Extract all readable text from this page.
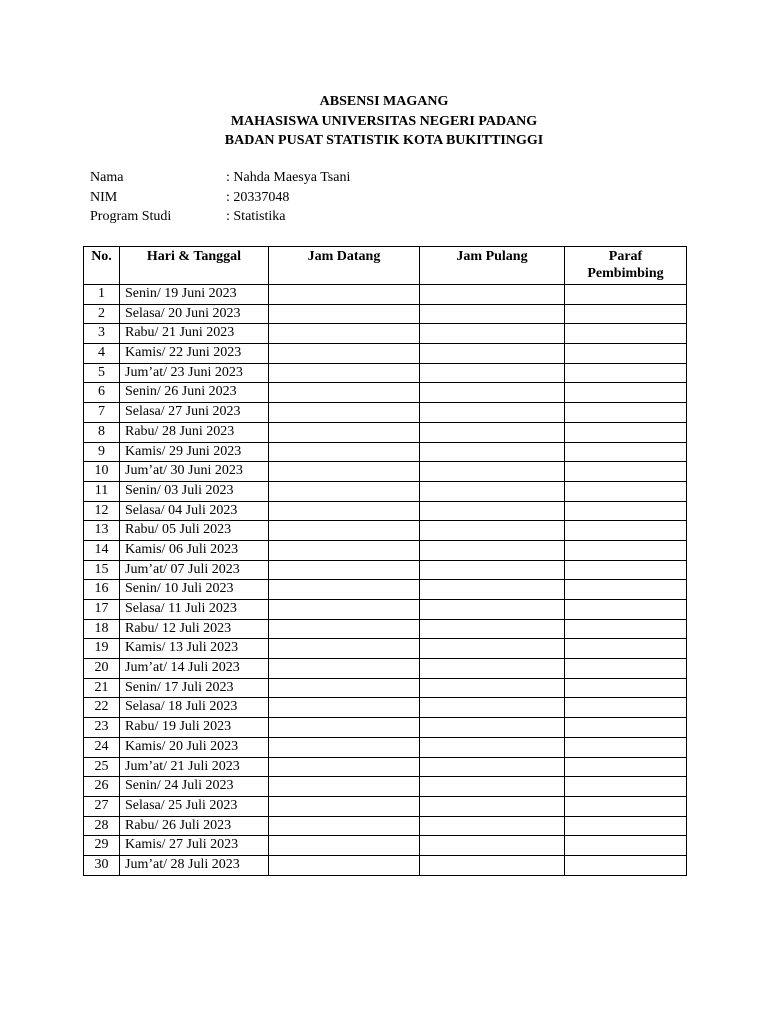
ABSENSI MAGANG
MAHASISWA UNIVERSITAS NEGERI PADANG
BADAN PUSAT STATISTIK KOTA BUKITTINGGI
Nama	: Nahda Maesya Tsani
NIM	: 20337048
Program Studi	: Statistika
No.	Hari & Tanggal	Jam Datang	Jam Pulang	Paraf Pembimbing
1	Senin/ 19 Juni 2023			
2	Selasa/ 20 Juni 2023			
3	Rabu/ 21 Juni 2023			
4	Kamis/ 22 Juni 2023			
5	Jum’at/ 23 Juni 2023			
6	Senin/ 26 Juni 2023			
7	Selasa/ 27 Juni 2023			
8	Rabu/ 28 Juni 2023			
9	Kamis/ 29 Juni 2023			
10	Jum’at/ 30 Juni 2023			
11	Senin/ 03 Juli 2023			
12	Selasa/ 04 Juli 2023			
13	Rabu/ 05 Juli 2023			
14	Kamis/ 06 Juli 2023			
15	Jum’at/ 07 Juli 2023			
16	Senin/ 10 Juli 2023			
17	Selasa/ 11 Juli 2023			
18	Rabu/ 12 Juli 2023			
19	Kamis/ 13 Juli 2023			
20	Jum’at/ 14 Juli 2023			
21	Senin/ 17 Juli 2023			
22	Selasa/ 18 Juli 2023			
23	Rabu/ 19 Juli 2023			
24	Kamis/ 20 Juli 2023			
25	Jum’at/ 21 Juli 2023			
26	Senin/ 24 Juli 2023			
27	Selasa/ 25 Juli 2023			
28	Rabu/ 26 Juli 2023			
29	Kamis/ 27 Juli 2023			
30	Jum’at/ 28 Juli 2023			
